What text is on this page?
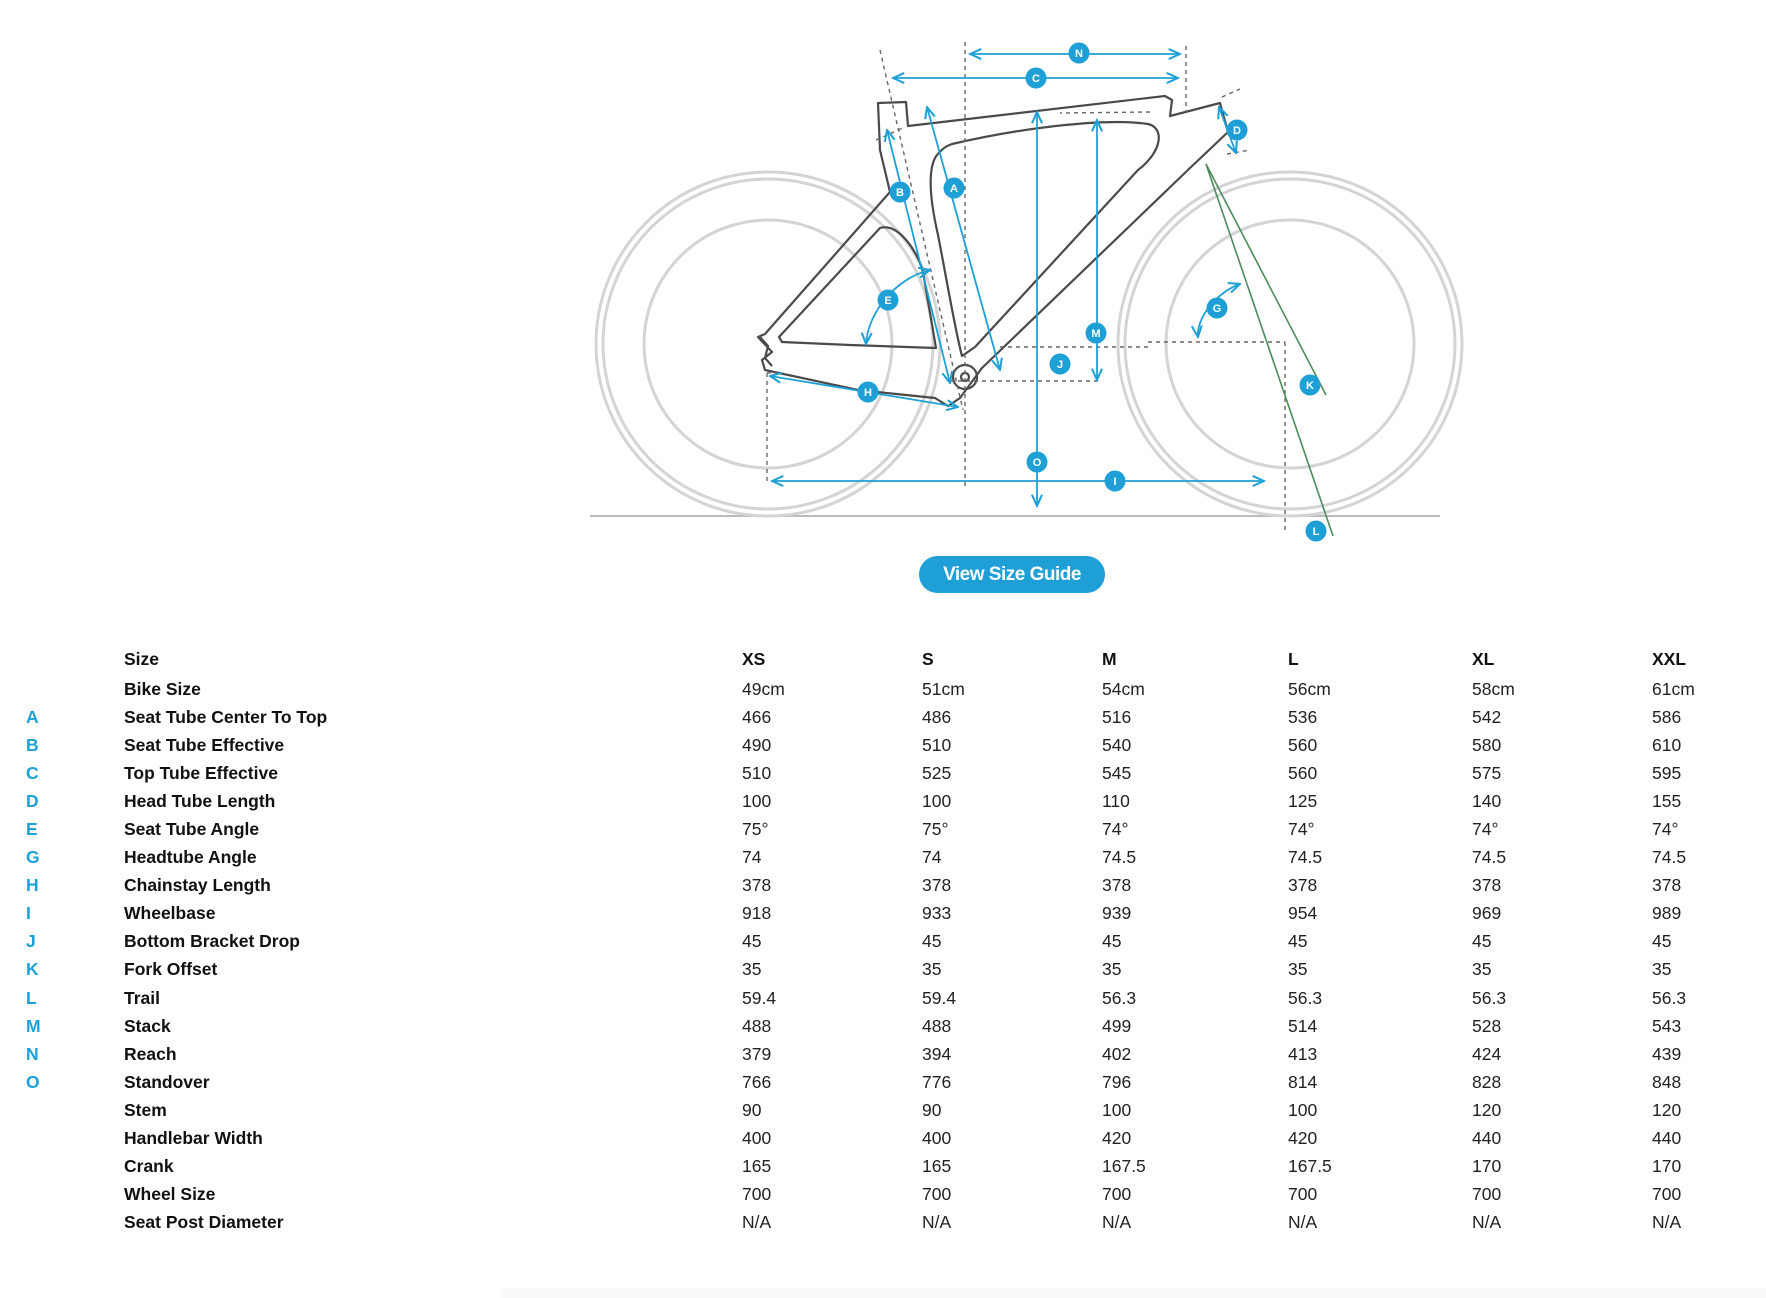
N
C
D
A
B
E
G
M
J
K
H
O
I
L
View Size Guide
	Size	XS	S	M	L	XL	XXL
	Bike Size	49cm	51cm	54cm	56cm	58cm	61cm
A	Seat Tube Center To Top	466	486	516	536	542	586
B	Seat Tube Effective	490	510	540	560	580	610
C	Top Tube Effective	510	525	545	560	575	595
D	Head Tube Length	100	100	110	125	140	155
E	Seat Tube Angle	75°	75°	74°	74°	74°	74°
G	Headtube Angle	74	74	74.5	74.5	74.5	74.5
H	Chainstay Length	378	378	378	378	378	378
I	Wheelbase	918	933	939	954	969	989
J	Bottom Bracket Drop	45	45	45	45	45	45
K	Fork Offset	35	35	35	35	35	35
L	Trail	59.4	59.4	56.3	56.3	56.3	56.3
M	Stack	488	488	499	514	528	543
N	Reach	379	394	402	413	424	439
O	Standover	766	776	796	814	828	848
	Stem	90	90	100	100	120	120
	Handlebar Width	400	400	420	420	440	440
	Crank	165	165	167.5	167.5	170	170
	Wheel Size	700	700	700	700	700	700
	Seat Post Diameter	N/A	N/A	N/A	N/A	N/A	N/A
